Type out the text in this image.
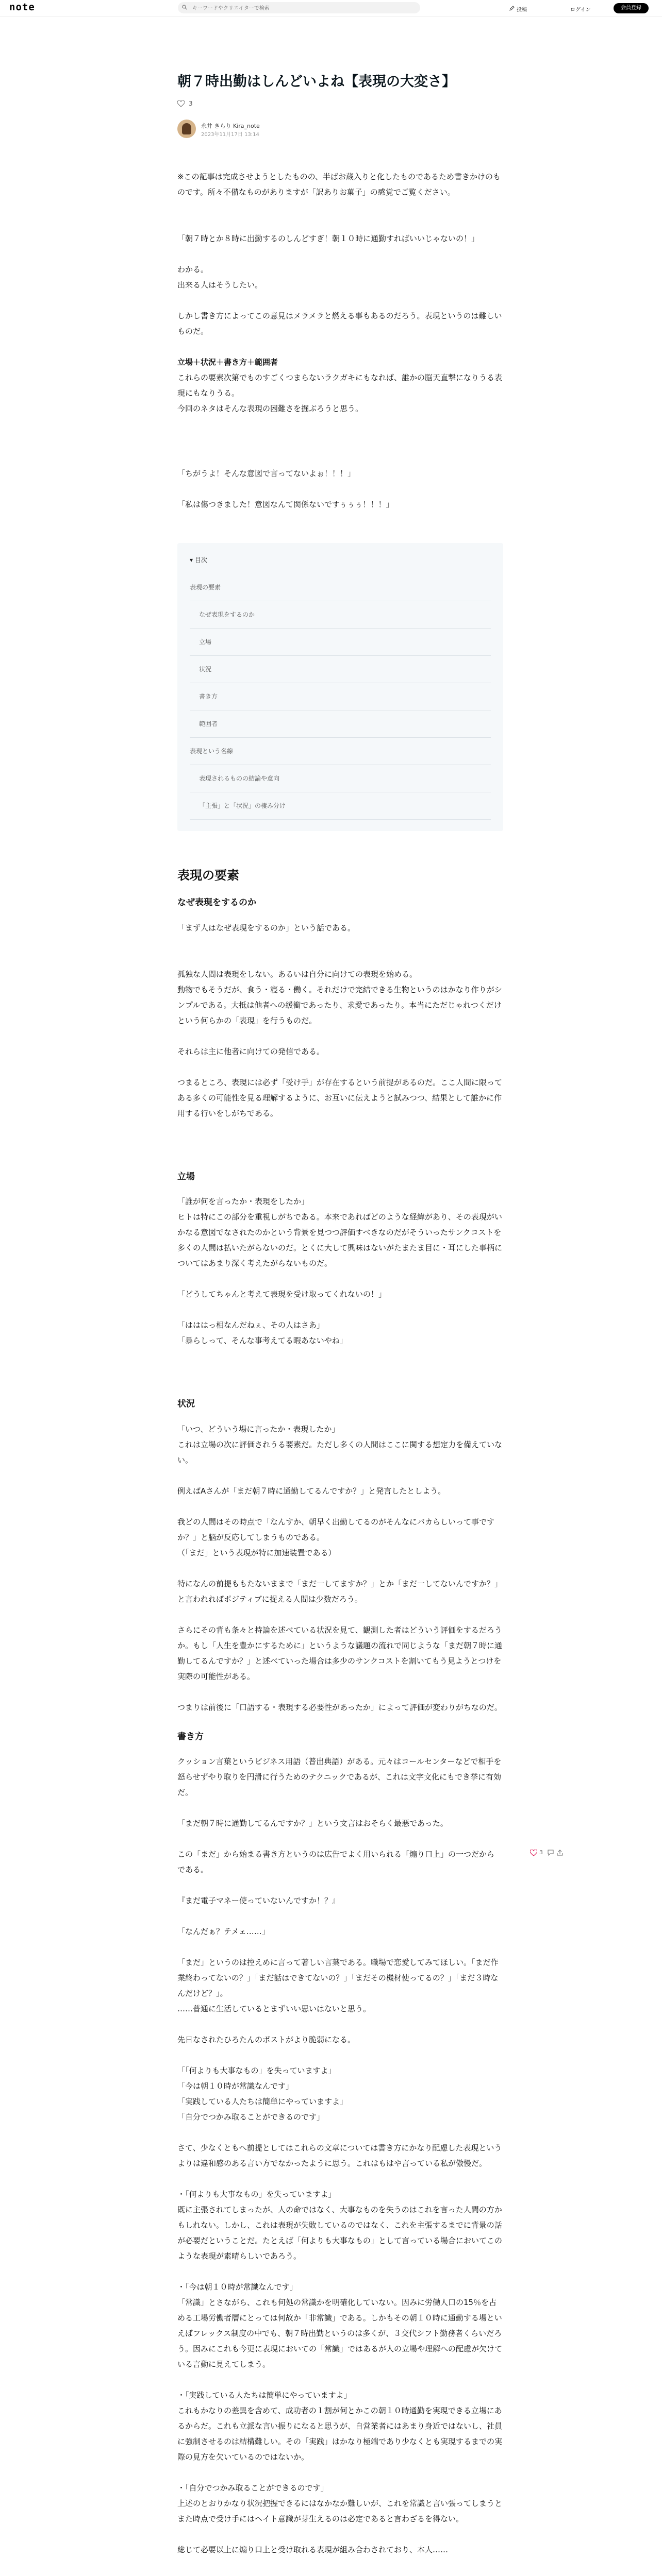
note
キーワードやクリエイターで検索	投稿	ログイン	会員登録
朝７時出勤はしんどいよね【表現の大変さ】
3
永井 きらり Kira_note
2023年11月17日 13:14

※この記事は完成させようとしたものの、半ばお蔵入りと化したものであるため書きかけのものです。所々不備なものがありますが「訳ありお菓子」の感覚でご覧ください。

「朝７時とか８時に出勤するのしんどすぎ！朝１０時に通勤すればいいじゃないの！」

わかる。

出来る人はそうしたい。

しかし書き方によってこの意見はメラメラと燃える事もあるのだろう。表現というのは難しいものだ。

立場＋状況＋書き方＋範囲者

これらの要素次第でものすごくつまらないラクガキにもなれば、誰かの脳天直撃になりうる表現にもなりうる。

今回のネタはそんな表現の困難さを掘ぶろうと思う。

「ちがうよ！そんな意図で言ってないよぉ！！！」

「私は傷つきました！意図なんて関係ないですぅぅぅ！！！」

▾ 目次
表現の要素
なぜ表現をするのか
立場
状況
書き方
範囲者
表現という名線
表現されるものの結論や意向
「主張」と「状況」の棲み分け
表現の要素
なぜ表現をするのか

「まず人はなぜ表現をするのか」という話である。

孤独な人間は表現をしない。あるいは自分に向けての表現を始める。

動物でもそうだが、食う・寝る・働く。それだけで完結できる生物というのはかなり作りがシンプルである。大抵は他者への緩衝であったり、求愛であったり。本当にただじゃれつくだけという何らかの「表現」を行うものだ。

それらは主に他者に向けての発信である。

つまるところ、表現には必ず「受け手」が存在するという前提があるのだ。ここ人間に限ってある多くの可能性を見る理解するように、お互いに伝えようと試みつつ、結果として誰かに作用する行いをしがちである。

立場

「誰が何を言ったか・表現をしたか」

ヒトは特にこの部分を重視しがちである。本来であればどのような経緯があり、その表現がいかなる意図でなされたのかという背景を見つつ評価すべきなのだがそういったサンクコストを多くの人間は払いたがらないのだ。とくに大して興味はないがたまたま目に・耳にした事柄についてはあまり深く考えたがらないものだ。

「どうしてちゃんと考えて表現を受け取ってくれないの！」

「はははっ相なんだねぇ、その人はさあ」

「暴らしって、そんな事考えてる暇あないやね」

状況

「いつ、どういう場に言ったか・表現したか」

これは立場の次に評価されうる要素だ。ただし多くの人間はここに関する想定力を備えていない。

例えばAさんが「まだ朝７時に通勤してるんですか？」と発言したとしよう。

我どの人間はその時点で「なんすか、朝早く出勤してるのがそんなにバカらしいって事ですか？」と脳が反応してしまうものである。

（「まだ」という表現が特に加速装置である）

特になんの前提ももたないままで「まだ一してますか？」とか「まだ一してないんですか？」と言われればポジティブに捉える人間は少数だろう。

さらにその背も条々と持論を述べている状況を見て、観測した者はどういう評価をするだろうか。もし「人生を豊かにするために」というような議題の流れで同じような「まだ朝７時に通勤してるんですか？」と述べていった場合は多少のサンクコストを割いてもう見ようとつけを実際の可能性がある。

つまりは前後に「口語する・表現する必要性があったか」によって評価が変わりがちなのだ。

書き方

クッション言葉というビジネス用語（普出典語）がある。元々はコールセンターなどで相手を怒らせずやり取りを円滑に行うためのテクニックであるが、これは文字文化にもでき挙に有効だ。

「まだ朝７時に通勤してるんですか？」という文言はおそらく最悪であった。

この「まだ」から始まる書き方というのは広告でよく用いられる「煽り口上」の一つだから である。

『まだ電子マネー使っていないんですか！？』

「なんだぁ？テメェ……」

「まだ」というのは控えめに言って著しい言葉である。職場で恋愛してみてほしい。「まだ作業終わってないの？」「まだ話はできてないの？」「まだその機材使ってるの？」「まだ３時なんだけど？」。

……普通に生活しているとまずいい思いはないと思う。

先日なされたひろたんのポストがより脆弱になる。

「「何よりも大事なもの」を失っていますよ」

「今は朝１０時が常識なんです」

「実践している人たちは簡単にやっていますよ」

「自分でつかみ取ることができるのです」

さて、少なくともへ前提としてはこれらの文章については書き方にかなり配慮した表現というよりは違和感のある言い方でなかったように思う。これはもはや言っている私が傲慢だ。

・「何よりも大事なもの」を失っていますよ」

既に主張されてしまったが、人の命ではなく、大事なものを失うのはこれを言った人間の方かもしれない。しかし、これは表現が失敗しているのではなく、これを主張するまでに背景の話が必要だということだ。たとえば「何よりも大事なもの」として言っている場合においてこのような表現が素晴らしいであろう。

・「今は朝１０時が常識なんです」

「常識」とさながら、これも何処の常識かを明確化していない。因みに労働人口の15％を占める工場労働者層にとっては何故か「非常識」である。しかもその朝１０時に通勤する場といえばフレックス制度の中でも、朝７時出勤というのは多くが、３交代シフト勤務者くらいだろう。因みにこれも今更に表現においての「常識」ではあるが人の立場や理解への配慮が欠けている言動に見えてしまう。

・「実践している人たちは簡単にやっていますよ」

これもかなりの差異を含めて、成功者の１割が何とかこの朝１０時通勤を実現できる立場にあるからだ。これも立派な言い振りになると思うが、自営業者にはあまり身近ではないし、社員に強制させるのは結構難しい。その「実践」はかなり極端であり少なくとも実現するまでの実際の見方を欠いているのではないか。

・「自分でつかみ取ることができるのです」

上述のとおりかなり状況把握できるにはなかなか難しいが、これを常識と言い張ってしまうとまた時点で受け手にはヘイト意識が芽生えるのは必定であると言わざるを得ない。

総じて必要以上に煽り口上と受け取れる表現が組み合わされており、本人……

3
